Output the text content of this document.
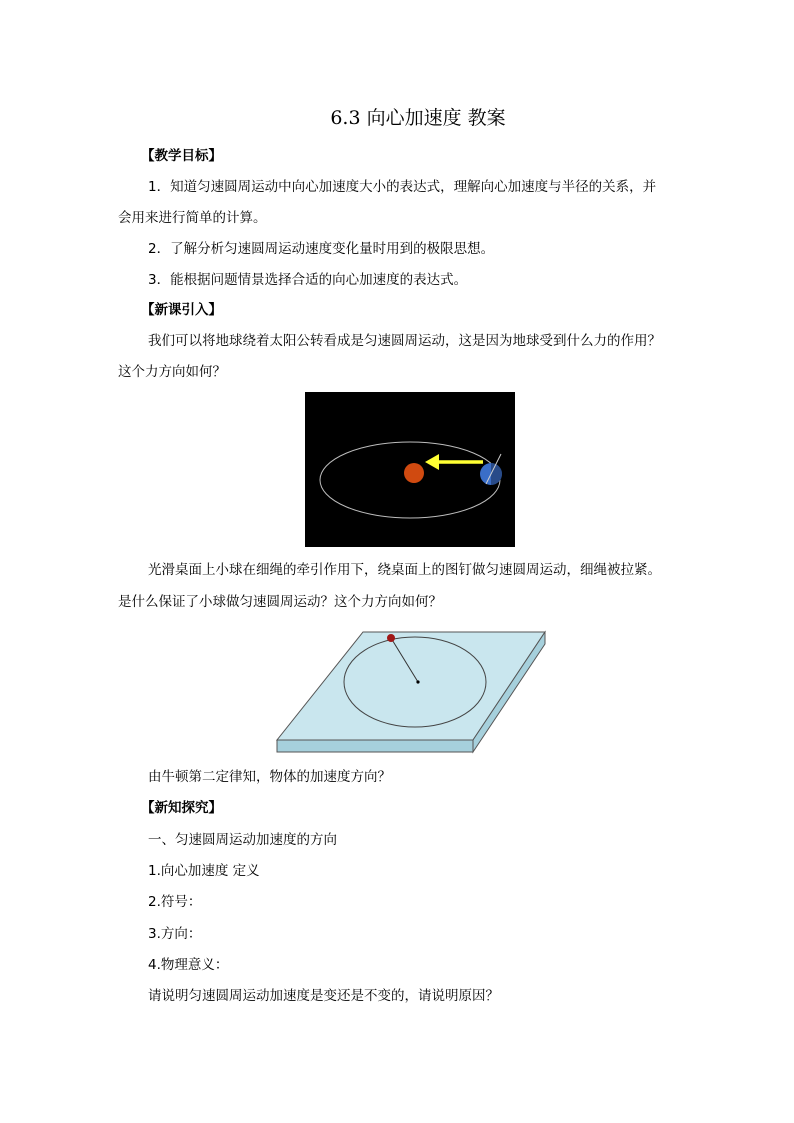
6.3 向心加速度 教案
【教学目标】
1．知道匀速圆周运动中向心加速度大小的表达式，理解向心加速度与半径的关系，并
会用来进行简单的计算。
2．了解分析匀速圆周运动速度变化量时用到的极限思想。
3．能根据问题情景选择合适的向心加速度的表达式。
【新课引入】
我们可以将地球绕着太阳公转看成是匀速圆周运动，这是因为地球受到什么力的作用？
这个力方向如何？
光滑桌面上小球在细绳的牵引作用下，绕桌面上的图钉做匀速圆周运动，细绳被拉紧。
是什么保证了小球做匀速圆周运动？这个力方向如何？
由牛顿第二定律知，物体的加速度方向？
【新知探究】
一、匀速圆周运动加速度的方向
1.向心加速度 定义
2.符号：
3.方向：
4.物理意义：
请说明匀速圆周运动加速度是变还是不变的，请说明原因？
